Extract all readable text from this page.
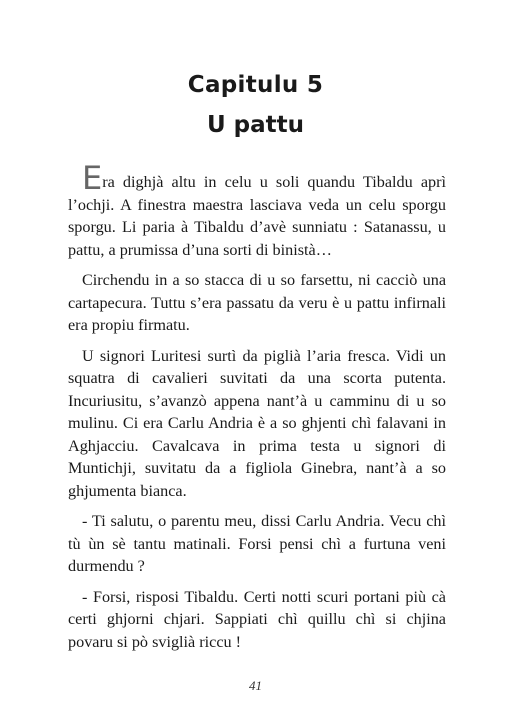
Capitulu 5
U pattu

Era dighjà altu in celu u soli quandu Tibaldu aprì l’ochji. A finestra maestra lasciava veda un celu sporgu sporgu. Li paria à Tibaldu d’avè sunniatu : Satanassu, u pattu, a prumissa d’una sorti di binistà…

Circhendu in a so stacca di u so farsettu, ni cacciò una cartapecura. Tuttu s’era passatu da veru è u pattu infirnali era propiu firmatu.

U signori Luritesi surtì da piglià l’aria fresca. Vidi un squatra di cavalieri suvitati da una scorta putenta. Incuriusitu, s’avanzò appena nant’à u camminu di u so mulinu. Ci era Carlu Andria è a so ghjenti chì falavani in Aghjacciu. Cavalcava in prima testa u signori di Muntichji, suvitatu da a figliola Ginebra, nant’à a so ghjumenta bianca.

- Ti salutu, o parentu meu, dissi Carlu Andria. Vecu chì tù ùn sè tantu matinali. Forsi pensi chì a furtuna veni durmendu ?

- Forsi, risposi Tibaldu. Certi notti scuri portani più cà certi ghjorni chjari. Sappiati chì quillu chì si chjina povaru si pò sviglià riccu !

41
